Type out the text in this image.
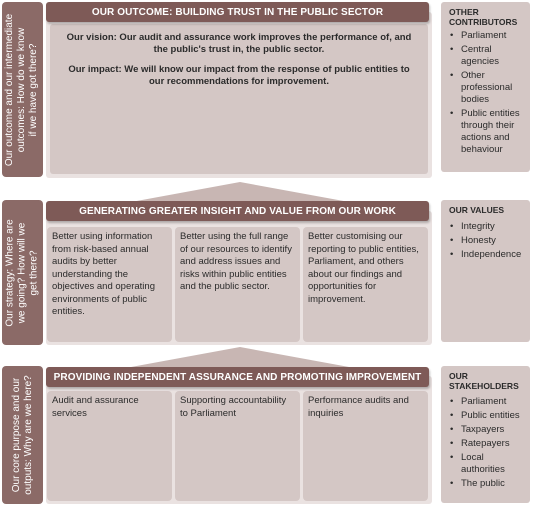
Our outcome and our intermediate outcomes: How do we know if we have got there?
Our strategy: Where are we going? How will we get there?
Our core purpose and our outputs: Why are we here?
OUR OUTCOME: BUILDING TRUST IN THE PUBLIC SECTOR

Our vision: Our audit and assurance work improves the performance of, and the public's trust in, the public sector.

Our impact: We will know our impact from the response of public entities to our recommendations for improvement.

GENERATING GREATER INSIGHT AND VALUE FROM OUR WORK
Better using information from risk-based annual audits by better understanding the objectives and operating environments of public entities.
Better using the full range of our resources to identify and address issues and risks within public entities and the public sector.
Better customising our reporting to public entities, Parliament, and others about our findings and opportunities for improvement.
PROVIDING INDEPENDENT ASSURANCE AND PROMOTING IMPROVEMENT
Audit and assurance services
Supporting accountability to Parliament
Performance audits and inquiries
OTHER
CONTRIBUTORS
• Parliament
• Central agencies
• Other professional bodies
• Public entities through their actions and behaviour
OUR VALUES
• Integrity
• Honesty
• Independence
OUR
STAKEHOLDERS
• Parliament
• Public entities
• Taxpayers
• Ratepayers
• Local authorities
• The public
